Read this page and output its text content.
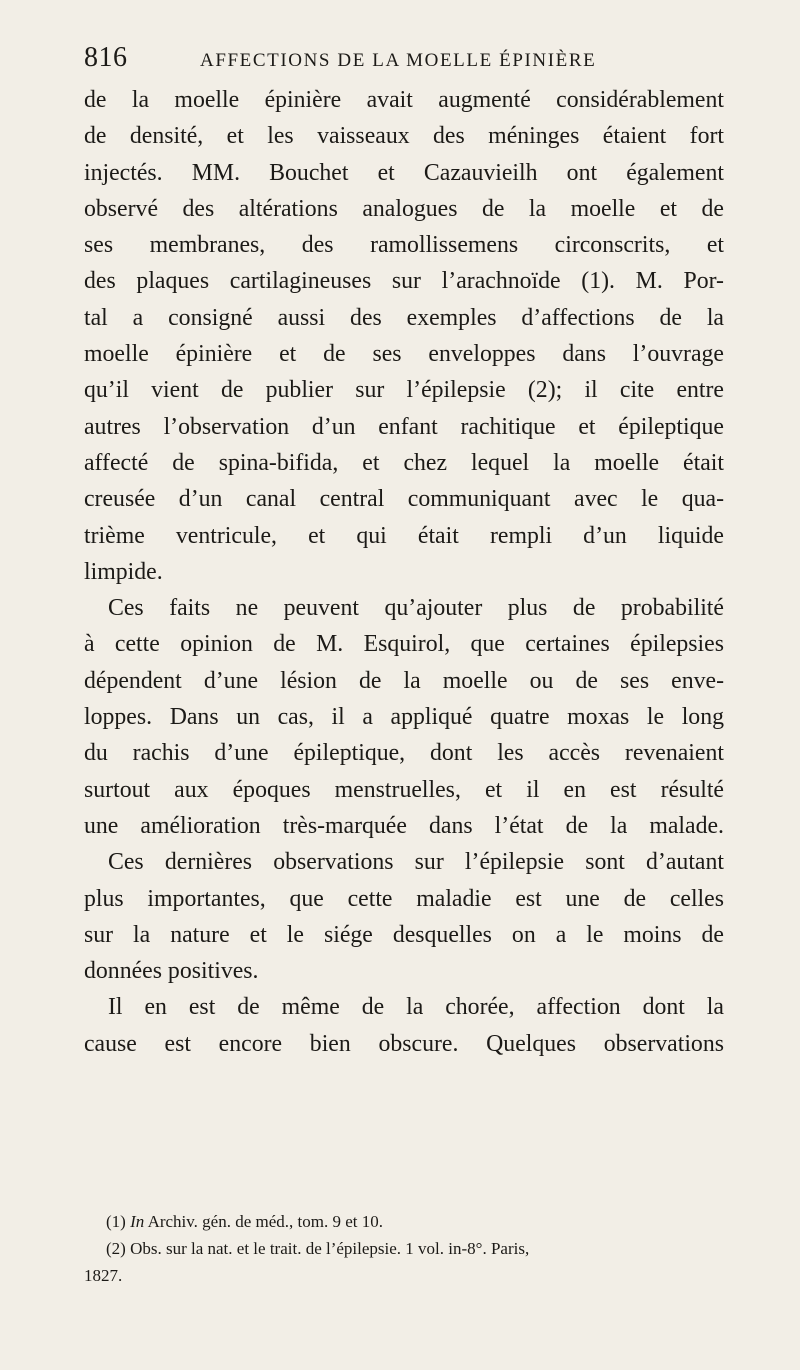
816	AFFECTIONS DE LA MOELLE ÉPINIÈRE
de la moelle épinière avait augmenté considérablement
de densité, et les vaisseaux des méninges étaient fort
injectés. MM. Bouchet et Cazauvieilh ont également
observé des altérations analogues de la moelle et de
ses membranes, des ramollissemens circonscrits, et
des plaques cartilagineuses sur l’arachnoïde (1). M. Por-
tal a consigné aussi des exemples d’affections de la
moelle épinière et de ses enveloppes dans l’ouvrage
qu’il vient de publier sur l’épilepsie (2); il cite entre
autres l’observation d’un enfant rachitique et épileptique
affecté de spina-bifida, et chez lequel la moelle était
creusée d’un canal central communiquant avec le qua-
trième ventricule, et qui était rempli d’un liquide
limpide.
Ces faits ne peuvent qu’ajouter plus de probabilité
à cette opinion de M. Esquirol, que certaines épilepsies
dépendent d’une lésion de la moelle ou de ses enve-
loppes. Dans un cas, il a appliqué quatre moxas le long
du rachis d’une épileptique, dont les accès revenaient
surtout aux époques menstruelles, et il en est résulté
une amélioration très-marquée dans l’état de la malade.
Ces dernières observations sur l’épilepsie sont d’autant
plus importantes, que cette maladie est une de celles
sur la nature et le siége desquelles on a le moins de
données positives.
Il en est de même de la chorée, affection dont la
cause est encore bien obscure. Quelques observations
(1) In Archiv. gén. de méd., tom. 9 et 10.
(2) Obs. sur la nat. et le trait. de l’épilepsie. 1 vol. in-8°. Paris,
1827.
